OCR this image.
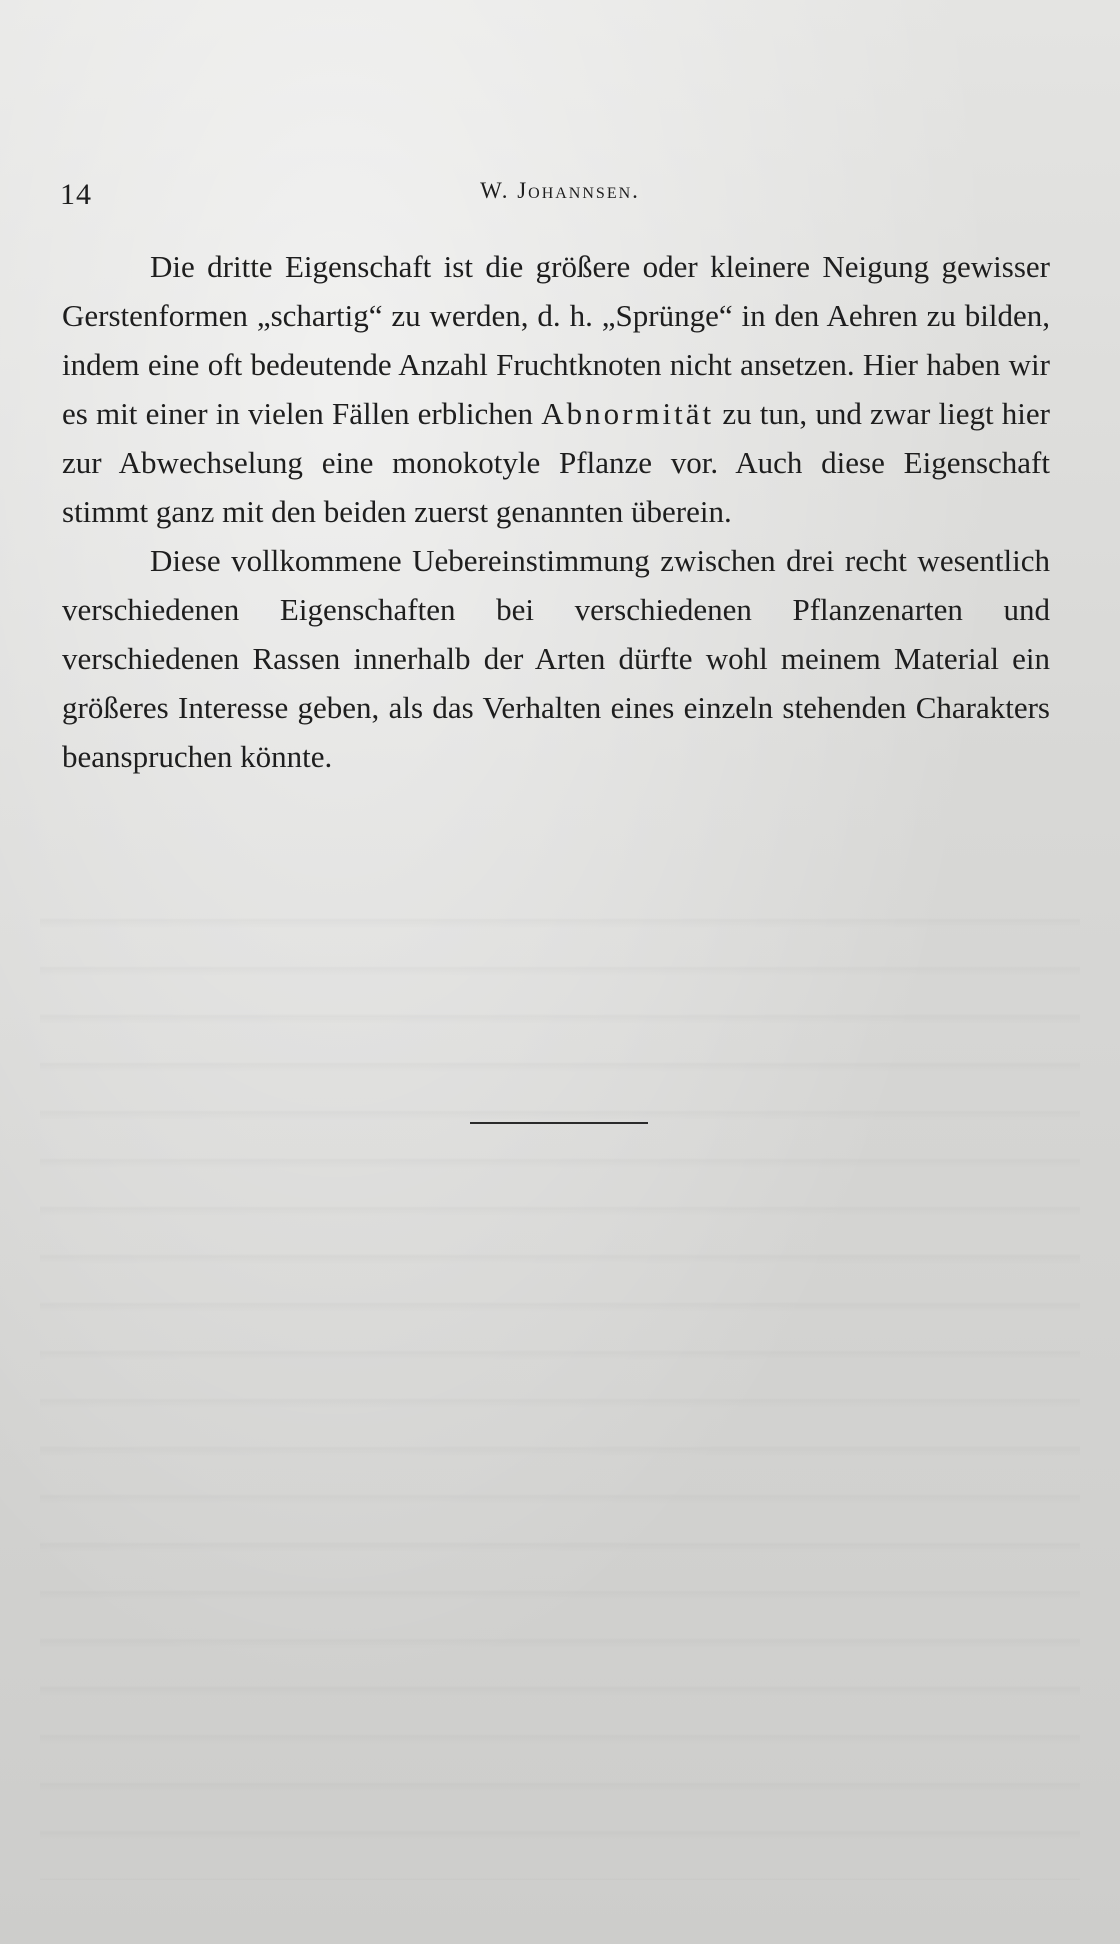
14	W. Johannsen.

Die dritte Eigenschaft ist die größere oder kleinere Neigung gewisser Gerstenformen „schartig“ zu werden, d. h. „Sprünge“ in den Aehren zu bilden, indem eine oft bedeutende Anzahl Fruchtknoten nicht ansetzen. Hier haben wir es mit einer in vielen Fällen erblichen Abnormität zu tun, und zwar liegt hier zur Abwechselung eine monokotyle Pflanze vor. Auch diese Eigenschaft stimmt ganz mit den beiden zuerst genannten überein.

Diese vollkommene Uebereinstimmung zwischen drei recht wesentlich verschiedenen Eigenschaften bei verschiedenen Pflanzenarten und verschiedenen Rassen innerhalb der Arten dürfte wohl meinem Material ein größeres Interesse geben, als das Verhalten eines einzeln stehenden Charakters beanspruchen könnte.
